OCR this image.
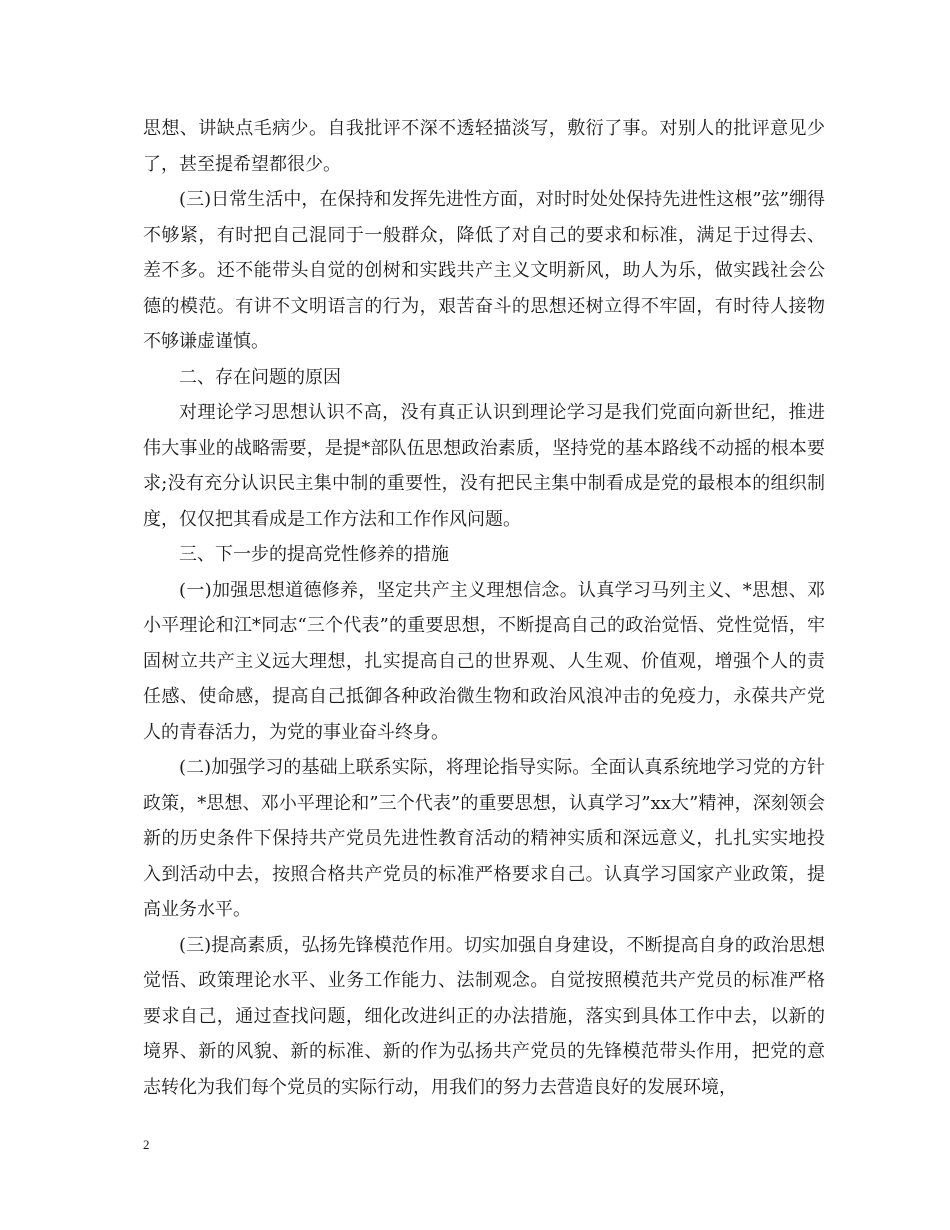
思想、讲缺点毛病少。自我批评不深不透轻描淡写，敷衍了事。对别人的批评意见少了，甚至提希望都很少。

(三)日常生活中，在保持和发挥先进性方面，对时时处处保持先进性这根”弦”绷得不够紧，有时把自己混同于一般群众，降低了对自己的要求和标准，满足于过得去、差不多。还不能带头自觉的创树和实践共产主义文明新风，助人为乐，做实践社会公德的模范。有讲不文明语言的行为，艰苦奋斗的思想还树立得不牢固，有时待人接物不够谦虚谨慎。

二、存在问题的原因

对理论学习思想认识不高，没有真正认识到理论学习是我们党面向新世纪，推进伟大事业的战略需要，是提*部队伍思想政治素质，坚持党的基本路线不动摇的根本要求;没有充分认识民主集中制的重要性，没有把民主集中制看成是党的最根本的组织制度，仅仅把其看成是工作方法和工作作风问题。

三、下一步的提高党性修养的措施

(一)加强思想道德修养，坚定共产主义理想信念。认真学习马列主义、*思想、邓小平理论和江*同志“三个代表”的重要思想，不断提高自己的政治觉悟、党性觉悟，牢固树立共产主义远大理想，扎实提高自己的世界观、人生观、价值观，增强个人的责任感、使命感，提高自己抵御各种政治微生物和政治风浪冲击的免疫力，永葆共产党人的青春活力，为党的事业奋斗终身。

(二)加强学习的基础上联系实际，将理论指导实际。全面认真系统地学习党的方针政策，*思想、邓小平理论和”三个代表”的重要思想，认真学习”xx大”精神，深刻领会新的历史条件下保持共产党员先进性教育活动的精神实质和深远意义，扎扎实实地投入到活动中去，按照合格共产党员的标准严格要求自己。认真学习国家产业政策，提高业务水平。

(三)提高素质，弘扬先锋模范作用。切实加强自身建设，不断提高自身的政治思想觉悟、政策理论水平、业务工作能力、法制观念。自觉按照模范共产党员的标准严格要求自己，通过查找问题，细化改进纠正的办法措施，落实到具体工作中去，以新的境界、新的风貌、新的标准、新的作为弘扬共产党员的先锋模范带头作用，把党的意志转化为我们每个党员的实际行动，用我们的努力去营造良好的发展环境，

2
